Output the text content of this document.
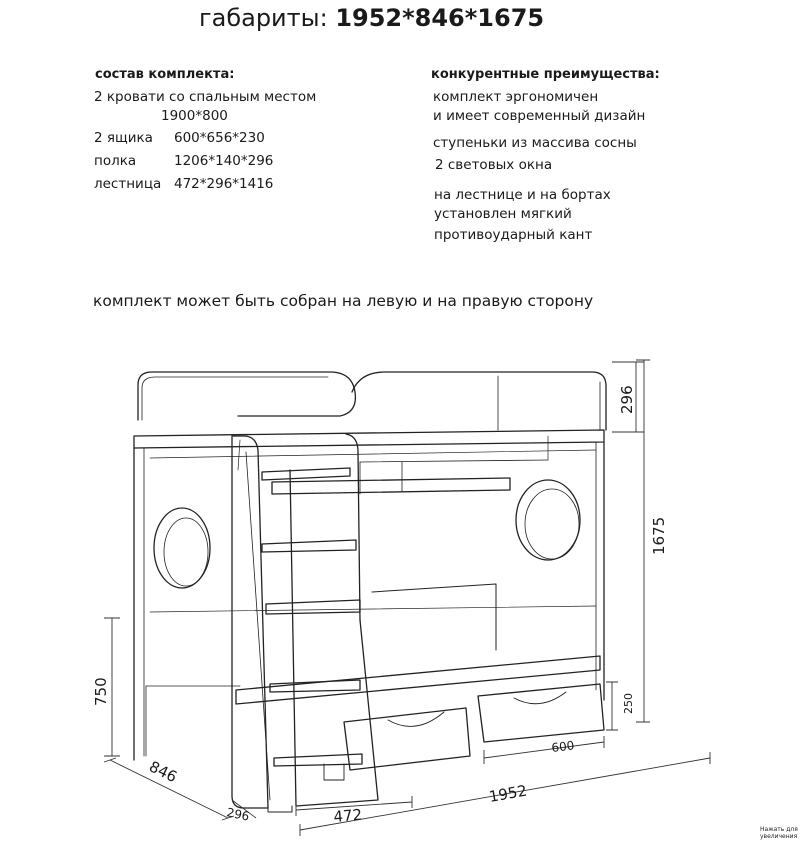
габариты: 1952*846*1675
состав комплекта:
2 кровати со спальным местом
1900*800
2 ящика 600*656*230
полка	1206*140*296
лестница 472*296*1416
конкурентные преимущества:
комплект эргономичен
и имеет современный дизайн
ступеньки из массива сосны
2 световых окна
на лестнице и на бортах
установлен мягкий
противоударный кант
комплект может быть собран на левую и на правую сторону
296
1675
750	250
600
846
296	472
1952
Нажать для
увеличения
